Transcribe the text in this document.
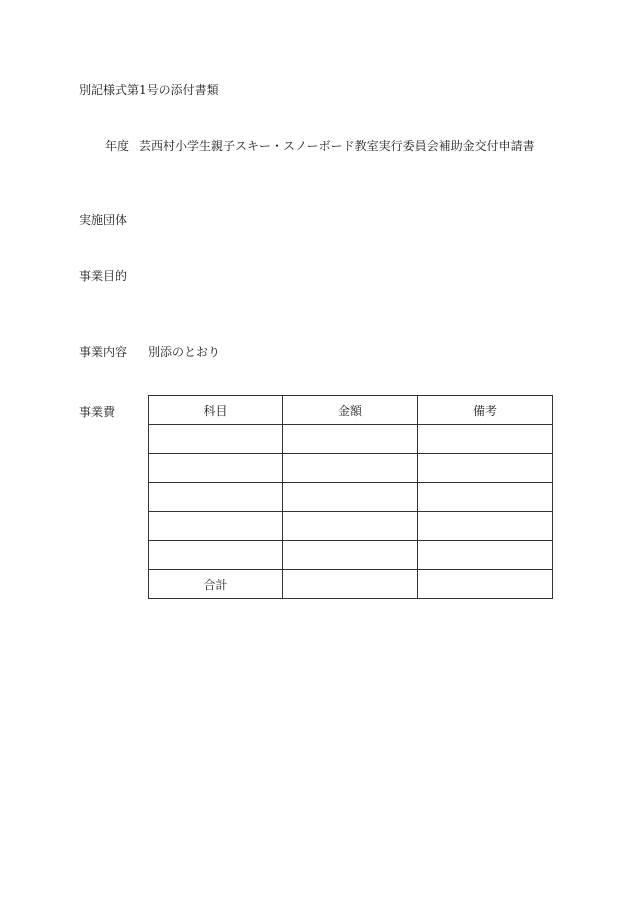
別記様式第1号の添付書類
年度 芸西村小学生親子スキー・スノーボード教室実行委員会補助金交付申請書
実施団体
事業目的
事業内容 別添のとおり
事業費	科目	金額	備考

合計		
